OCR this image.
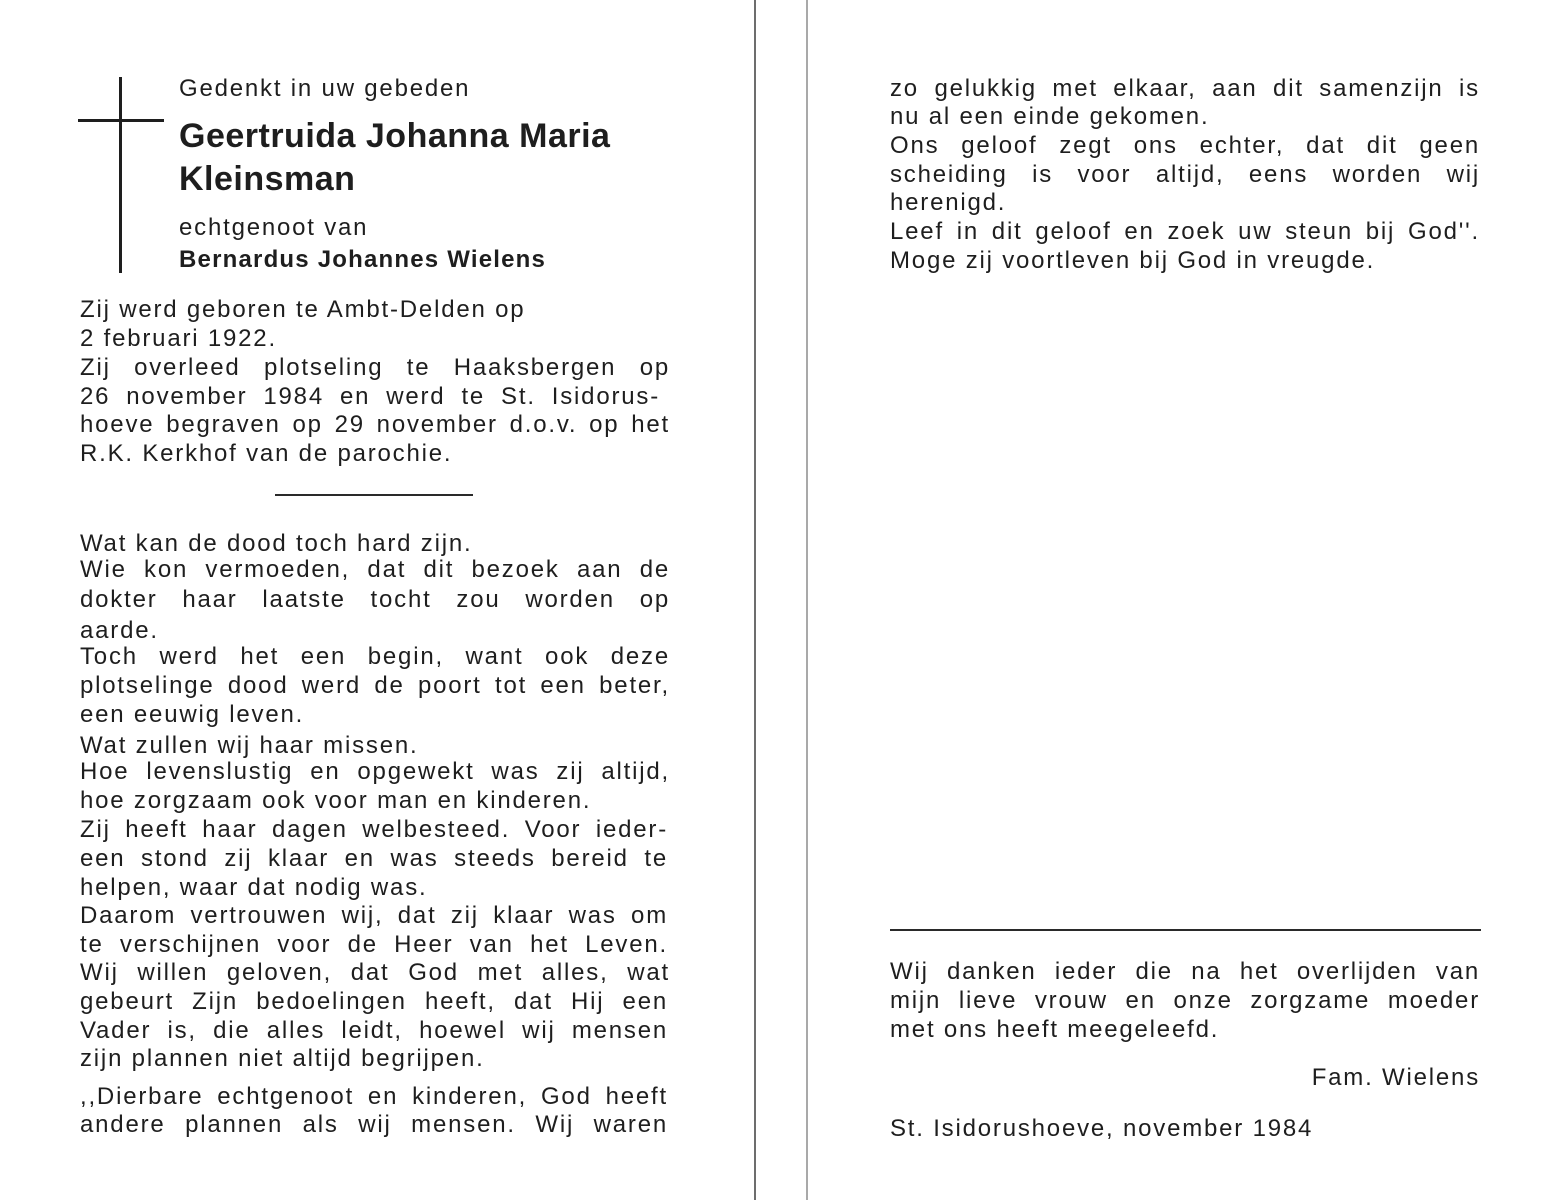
Gedenkt in uw gebeden
Geertruida Johanna Maria
Kleinsman
echtgenoot van
Bernardus Johannes Wielens
Zij werd geboren te Ambt-Delden op
2 februari 1922.
Zij overleed plotseling te Haaksbergen op
26 november 1984 en werd te St. Isidorus-
hoeve begraven op 29 november d.o.v. op het
R.K. Kerkhof van de parochie.
Wat kan de dood toch hard zijn.
Wie kon vermoeden, dat dit bezoek aan de
dokter haar laatste tocht zou worden op
aarde.
Toch werd het een begin, want ook deze
plotselinge dood werd de poort tot een beter,
een eeuwig leven.
Wat zullen wij haar missen.
Hoe levenslustig en opgewekt was zij altijd,
hoe zorgzaam ook voor man en kinderen.
Zij heeft haar dagen welbesteed. Voor ieder-
een stond zij klaar en was steeds bereid te
helpen, waar dat nodig was.
Daarom vertrouwen wij, dat zij klaar was om
te verschijnen voor de Heer van het Leven.
Wij willen geloven, dat God met alles, wat
gebeurt Zijn bedoelingen heeft, dat Hij een
Vader is, die alles leidt, hoewel wij mensen
zijn plannen niet altijd begrijpen.
,,Dierbare echtgenoot en kinderen, God heeft
andere plannen als wij mensen. Wij waren
zo gelukkig met elkaar, aan dit samenzijn is
nu al een einde gekomen.
Ons geloof zegt ons echter, dat dit geen
scheiding is voor altijd, eens worden wij
herenigd.
Leef in dit geloof en zoek uw steun bij God''.
Moge zij voortleven bij God in vreugde.
Wij danken ieder die na het overlijden van
mijn lieve vrouw en onze zorgzame moeder
met ons heeft meegeleefd.
Fam. Wielens
St. Isidorushoeve, november 1984
